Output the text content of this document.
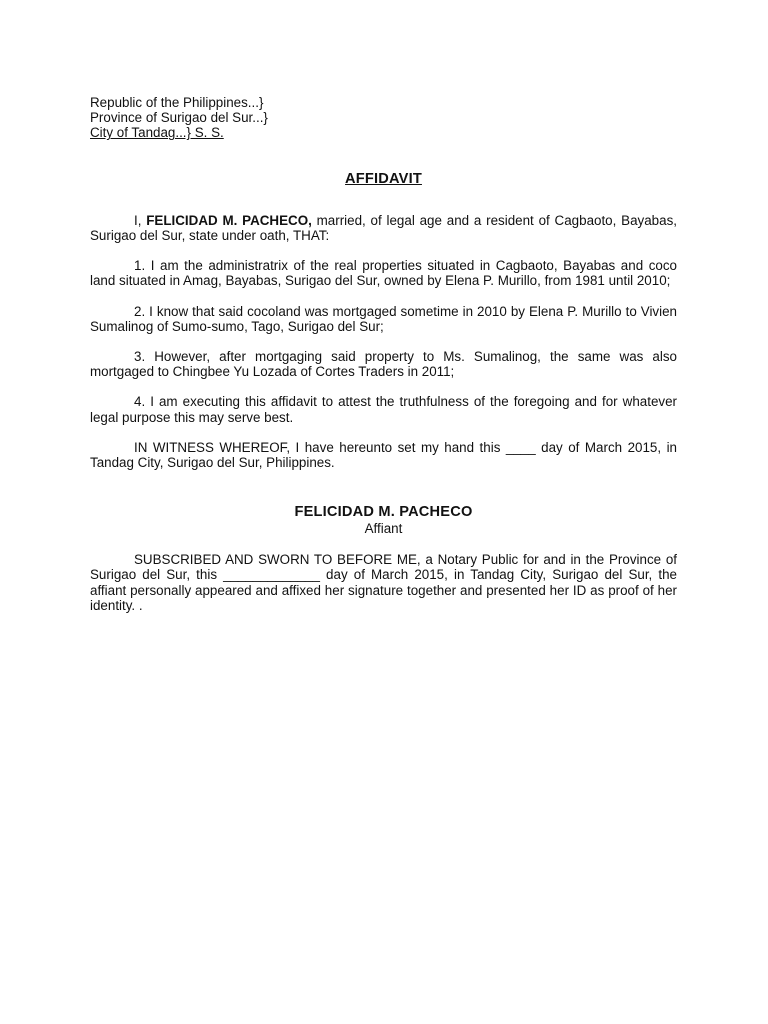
Republic of the Philippines...}
Province of Surigao del Sur...}
City of Tandag...} S. S.
AFFIDAVIT

I, FELICIDAD M. PACHECO, married, of legal age and a resident of Cagbaoto, Bayabas, Surigao del Sur, state under oath, THAT:

1. I am the administratrix of the real properties situated in Cagbaoto, Bayabas and coco land situated in Amag, Bayabas, Surigao del Sur, owned by Elena P. Murillo, from 1981 until 2010;

2. I know that said cocoland was mortgaged sometime in 2010 by Elena P. Murillo to Vivien Sumalinog of Sumo-sumo, Tago, Surigao del Sur;

3. However, after mortgaging said property to Ms. Sumalinog, the same was also mortgaged to Chingbee Yu Lozada of Cortes Traders in 2011;

4. I am executing this affidavit to attest the truthfulness of the foregoing and for whatever legal purpose this may serve best.

IN WITNESS WHEREOF, I have hereunto set my hand this ____ day of March 2015, in Tandag City, Surigao del Sur, Philippines.

FELICIDAD M. PACHECO
Affiant

SUBSCRIBED AND SWORN TO BEFORE ME, a Notary Public for and in the Province of Surigao del Sur, this _____________ day of March 2015, in Tandag City, Surigao del Sur, the affiant personally appeared and affixed her signature together and presented her ID as proof of her identity. .
